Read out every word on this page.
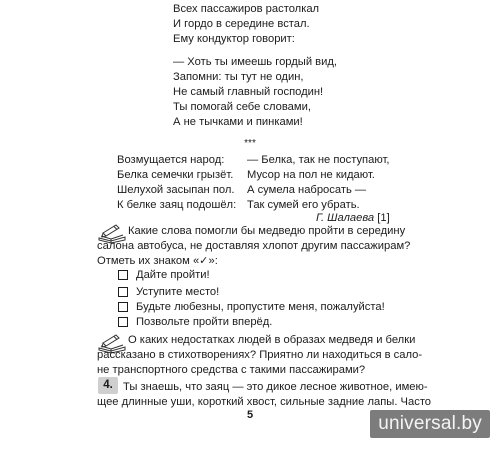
Всех пассажиров растолкал
И гордо в середине встал.
Ему кондуктор говорит:
— Хоть ты имеешь гордый вид,
Запомни: ты тут не один,
Не самый главный господин!
Ты помогай себе словами,
А не тычками и пинками!
***
Возмущается народ:
Белка семечки грызёт.
Шелухой засыпан пол.
К белке заяц подошёл:
— Белка, так не поступают,
Мусор на пол не кидают.
А сумела набросать —
Так сумей его убрать.
Г. Шалаева [1]
Какие слова помогли бы медведю пройти в середину
салона автобуса, не доставляя хлопот другим пассажирам?
Отметь их знаком «✓»:
Дайте пройти!
Уступите место!
Будьте любезны, пропустите меня, пожалуйста!
Позвольте пройти вперёд.
О каких недостатках людей в образах медведя и белки
рассказано в стихотворениях? Приятно ли находиться в сало-
не транспортного средства с такими пассажирами?
4. Ты знаешь, что заяц — это дикое лесное животное, имею-
щее длинные уши, короткий хвост, сильные задние лапы. Часто
5	universal.by
